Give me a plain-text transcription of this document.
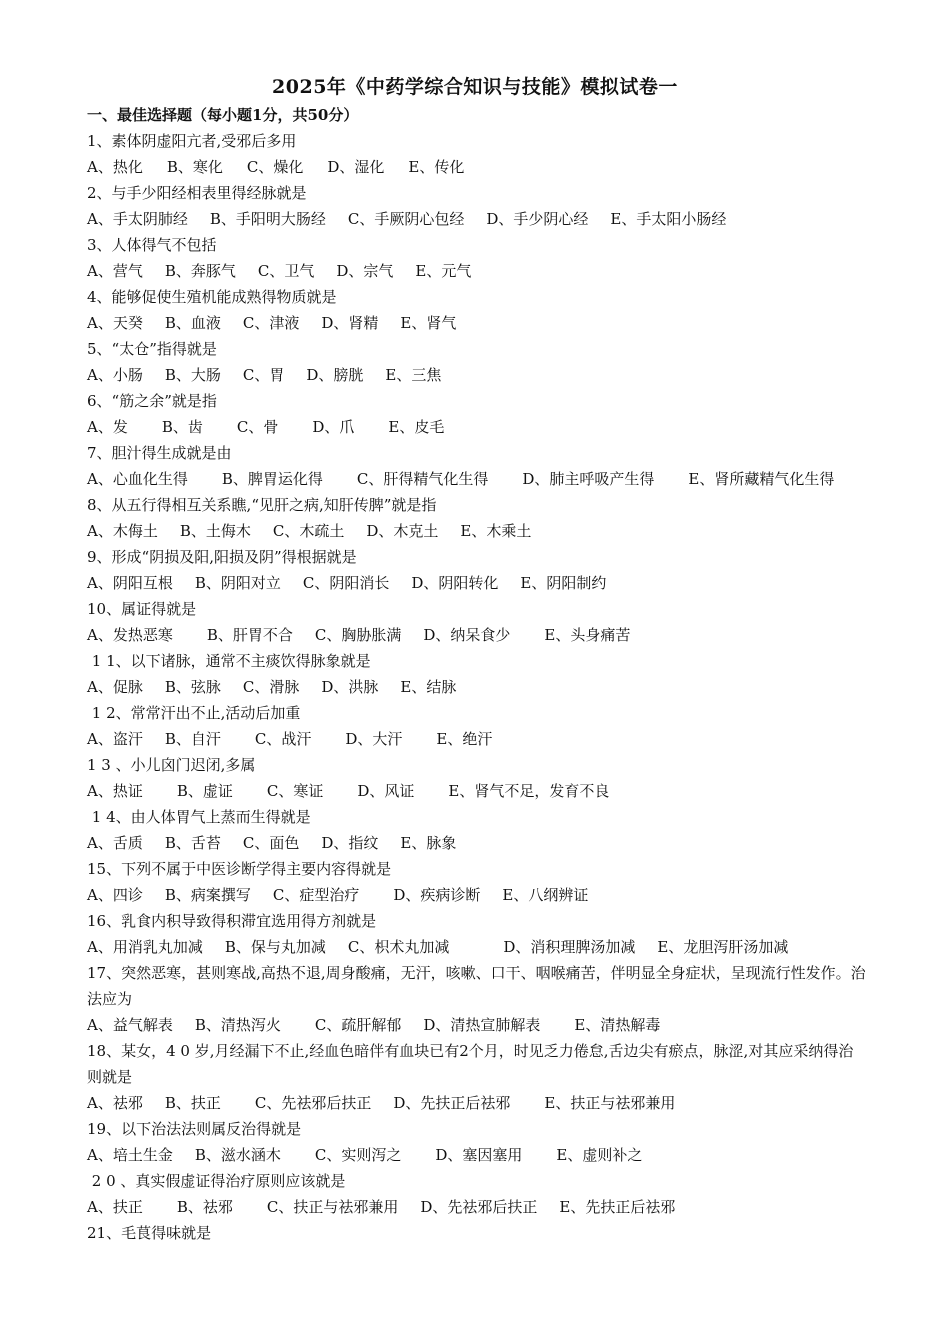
2025年《中药学综合知识与技能》模拟试卷一
一、最佳选择题（每小题1分，共50分）
1、素体阴虚阳亢者,受邪后多用
A、热化 B、寒化 C、燥化 D、湿化 E、传化
2、与手少阳经相表里得经脉就是
A、手太阴肺经 B、手阳明大肠经 C、手厥阴心包经 D、手少阴心经 E、手太阳小肠经
3、人体得气不包括
A、营气 B、奔豚气 C、卫气 D、宗气 E、元气
4、能够促使生殖机能成熟得物质就是
A、天癸 B、血液 C、津液 D、肾精 E、肾气
5、“太仓”指得就是
A、小肠 B、大肠 C、胃 D、膀胱 E、三焦
6、“筋之余”就是指
A、发 B、齿 C、骨 D、爪 E、皮毛
7、胆汁得生成就是由
A、心血化生得 B、脾胃运化得 C、肝得精气化生得 D、肺主呼吸产生得 E、肾所藏精气化生得
8、从五行得相互关系瞧,“见肝之病,知肝传脾”就是指
A、木侮土 B、土侮木 C、木疏土 D、木克土 E、木乘土
9、形成“阴损及阳,阳损及阴”得根据就是
A、阴阳互根 B、阴阳对立 C、阴阳消长 D、阴阳转化 E、阴阳制约
10、属证得就是
A、发热恶寒 B、肝胃不合 C、胸胁胀满 D、纳呆食少 E、头身痛苦
1 1、以下诸脉，通常不主痰饮得脉象就是
A、促脉 B、弦脉 C、滑脉 D、洪脉 E、结脉
1 2、常常汗出不止,活动后加重
A、盗汗 B、自汗 C、战汗 D、大汗 E、绝汗
1 3 、小儿囟门迟闭,多属
A、热证 B、虚证 C、寒证 D、风证 E、肾气不足，发育不良
1 4、由人体胃气上蒸而生得就是
A、舌质 B、舌苔 C、面色 D、指纹 E、脉象
15、下列不属于中医诊断学得主要内容得就是
A、四诊 B、病案撰写 C、症型治疗 D、疾病诊断 E、八纲辨证
16、乳食内积导致得积滞宜选用得方剂就是
A、用消乳丸加减 B、保与丸加减 C、枳术丸加减	D、消积理脾汤加减 E、龙胆泻肝汤加减
17、突然恶寒，甚则寒战,高热不退,周身酸痛，无汗，咳嗽、口干、咽喉痛苦，伴明显全身症状，呈现流行性发作。治法应为
A、益气解表 B、清热泻火 C、疏肝解郁 D、清热宣肺解表 E、清热解毒
18、某女，4 0 岁,月经漏下不止,经血色暗伴有血块已有2个月，时见乏力倦怠,舌边尖有瘀点，脉涩,对其应采纳得治则就是
A、祛邪 B、扶正 C、先祛邪后扶正 D、先扶正后祛邪 E、扶正与祛邪兼用
19、以下治法法则属反治得就是
A、培土生金 B、滋水涵木 C、实则泻之 D、塞因塞用 E、虚则补之
2 0 、真实假虚证得治疗原则应该就是
A、扶正 B、祛邪 C、扶正与祛邪兼用 D、先祛邪后扶正 E、先扶正后祛邪
21、毛茛得味就是
